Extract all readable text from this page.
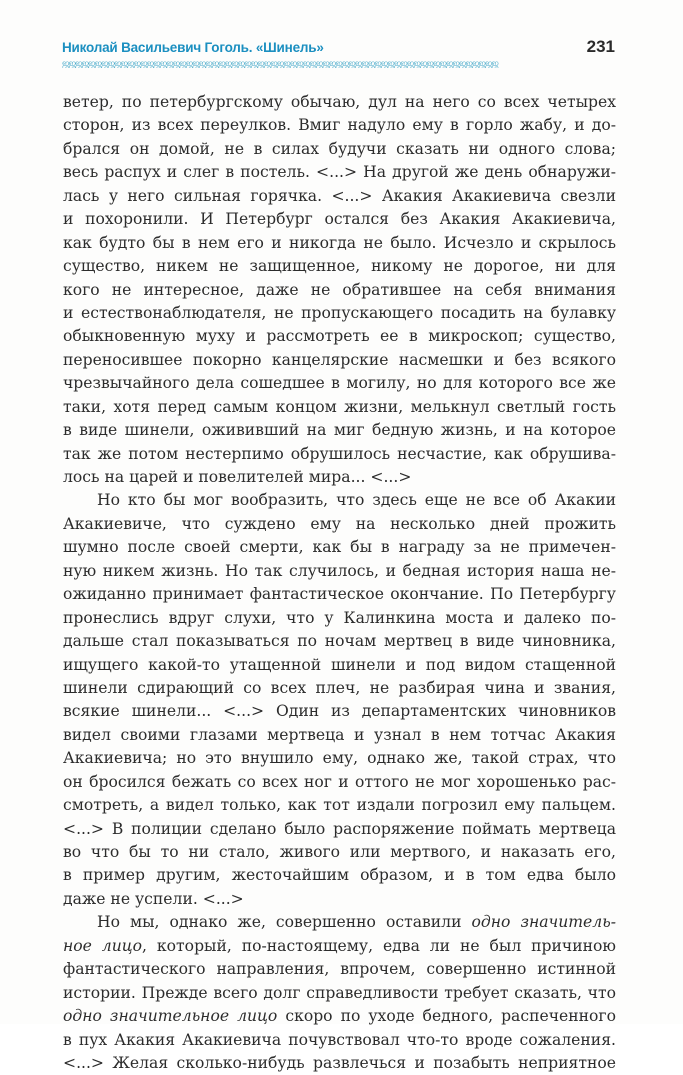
Николай Васильевич Гоголь. «Шинель»	231
ஜஜஜஜஜஜஜஜஜஜஜஜஜஜஜஜஜஜஜஜஜஜஜஜஜஜஜஜஜஜஜஜஜஜஜஜஜஜஜஜஜஜஜஜஜஜஜஜஜஜஜஜஜஜஜஜஜஜஜஜஜஜஜஜஜஜஜ
ветер, по петербургскому обычаю, дул на него со всех четырех
сторон, из всех переулков. Вмиг надуло ему в горло жабу, и до-
брался он домой, не в силах будучи сказать ни одного слова;
весь распух и слег в постель. <...> На другой же день обнаружи-
лась у него сильная горячка. <...> Акакия Акакиевича свезли
и похоронили. И Петербург остался без Акакия Акакиевича,
как будто бы в нем его и никогда не было. Исчезло и скрылось
существо, никем не защищенное, никому не дорогое, ни для
кого не интересное, даже не обратившее на себя внимания
и естествонаблюдателя, не пропускающего посадить на булавку
обыкновенную муху и рассмотреть ее в микроскоп; существо,
переносившее покорно канцелярские насмешки и без всякого
чрезвычайного дела сошедшее в могилу, но для которого все же
таки, хотя перед самым концом жизни, мелькнул светлый гость
в виде шинели, ожививший на миг бедную жизнь, и на которое
так же потом нестерпимо обрушилось несчастие, как обрушива-
лось на царей и повелителей мира... <...>
Но кто бы мог вообразить, что здесь еще не все об Акакии
Акакиевиче, что суждено ему на несколько дней прожить
шумно после своей смерти, как бы в награду за не примечен-
ную никем жизнь. Но так случилось, и бедная история наша не-
ожиданно принимает фантастическое окончание. По Петербургу
пронеслись вдруг слухи, что у Калинкина моста и далеко по-
дальше стал показываться по ночам мертвец в виде чиновника,
ищущего какой-то утащенной шинели и под видом стащенной
шинели сдирающий со всех плеч, не разбирая чина и звания,
всякие шинели... <...> Один из департаментских чиновников
видел своими глазами мертвеца и узнал в нем тотчас Акакия
Акакиевича; но это внушило ему, однако же, такой страх, что
он бросился бежать со всех ног и оттого не мог хорошенько рас-
смотреть, а видел только, как тот издали погрозил ему пальцем.
<...> В полиции сделано было распоряжение поймать мертвеца
во что бы то ни стало, живого или мертвого, и наказать его,
в пример другим, жесточайшим образом, и в том едва было
даже не успели. <...>
Но мы, однако же, совершенно оставили одно значитель-
ное лицо, который, по-настоящему, едва ли не был причиною
фантастического направления, впрочем, совершенно истинной
истории. Прежде всего долг справедливости требует сказать, что
одно значительное лицо скоро по уходе бедного, распеченного
в пух Акакия Акакиевича почувствовал что-то вроде сожаления.
<...> Желая сколько-нибудь развлечься и позабыть неприятное
